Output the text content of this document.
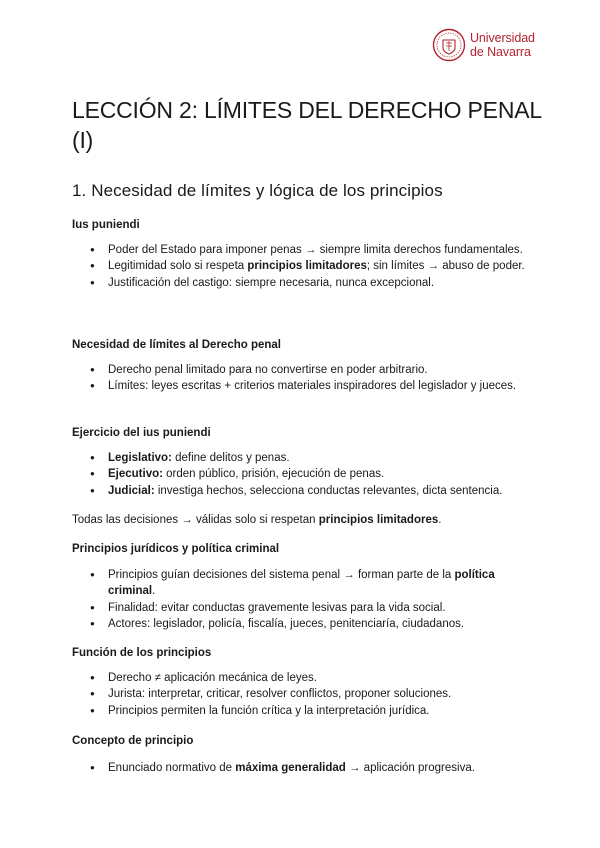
Universidad
de Navarra
LECCIÓN 2: LÍMITES DEL DERECHO PENAL (I)
1. Necesidad de límites y lógica de los principios
Ius puniendi
● Poder del Estado para imponer penas → siempre limita derechos fundamentales.
● Legitimidad solo si respeta principios limitadores; sin límites → abuso de poder.
● Justificación del castigo: siempre necesaria, nunca excepcional.
Necesidad de límites al Derecho penal
● Derecho penal limitado para no convertirse en poder arbitrario.
● Límites: leyes escritas + criterios materiales inspiradores del legislador y jueces.
Ejercicio del ius puniendi
● Legislativo: define delitos y penas.
● Ejecutivo: orden público, prisión, ejecución de penas.
● Judicial: investiga hechos, selecciona conductas relevantes, dicta sentencia.
Todas las decisiones → válidas solo si respetan principios limitadores.
Principios jurídicos y política criminal
● Principios guían decisiones del sistema penal → forman parte de la política criminal.
● Finalidad: evitar conductas gravemente lesivas para la vida social.
● Actores: legislador, policía, fiscalía, jueces, penitenciaría, ciudadanos.
Función de los principios
● Derecho ≠ aplicación mecánica de leyes.
● Jurista: interpretar, criticar, resolver conflictos, proponer soluciones.
● Principios permiten la función crítica y la interpretación jurídica.
Concepto de principio
● Enunciado normativo de máxima generalidad → aplicación progresiva.
